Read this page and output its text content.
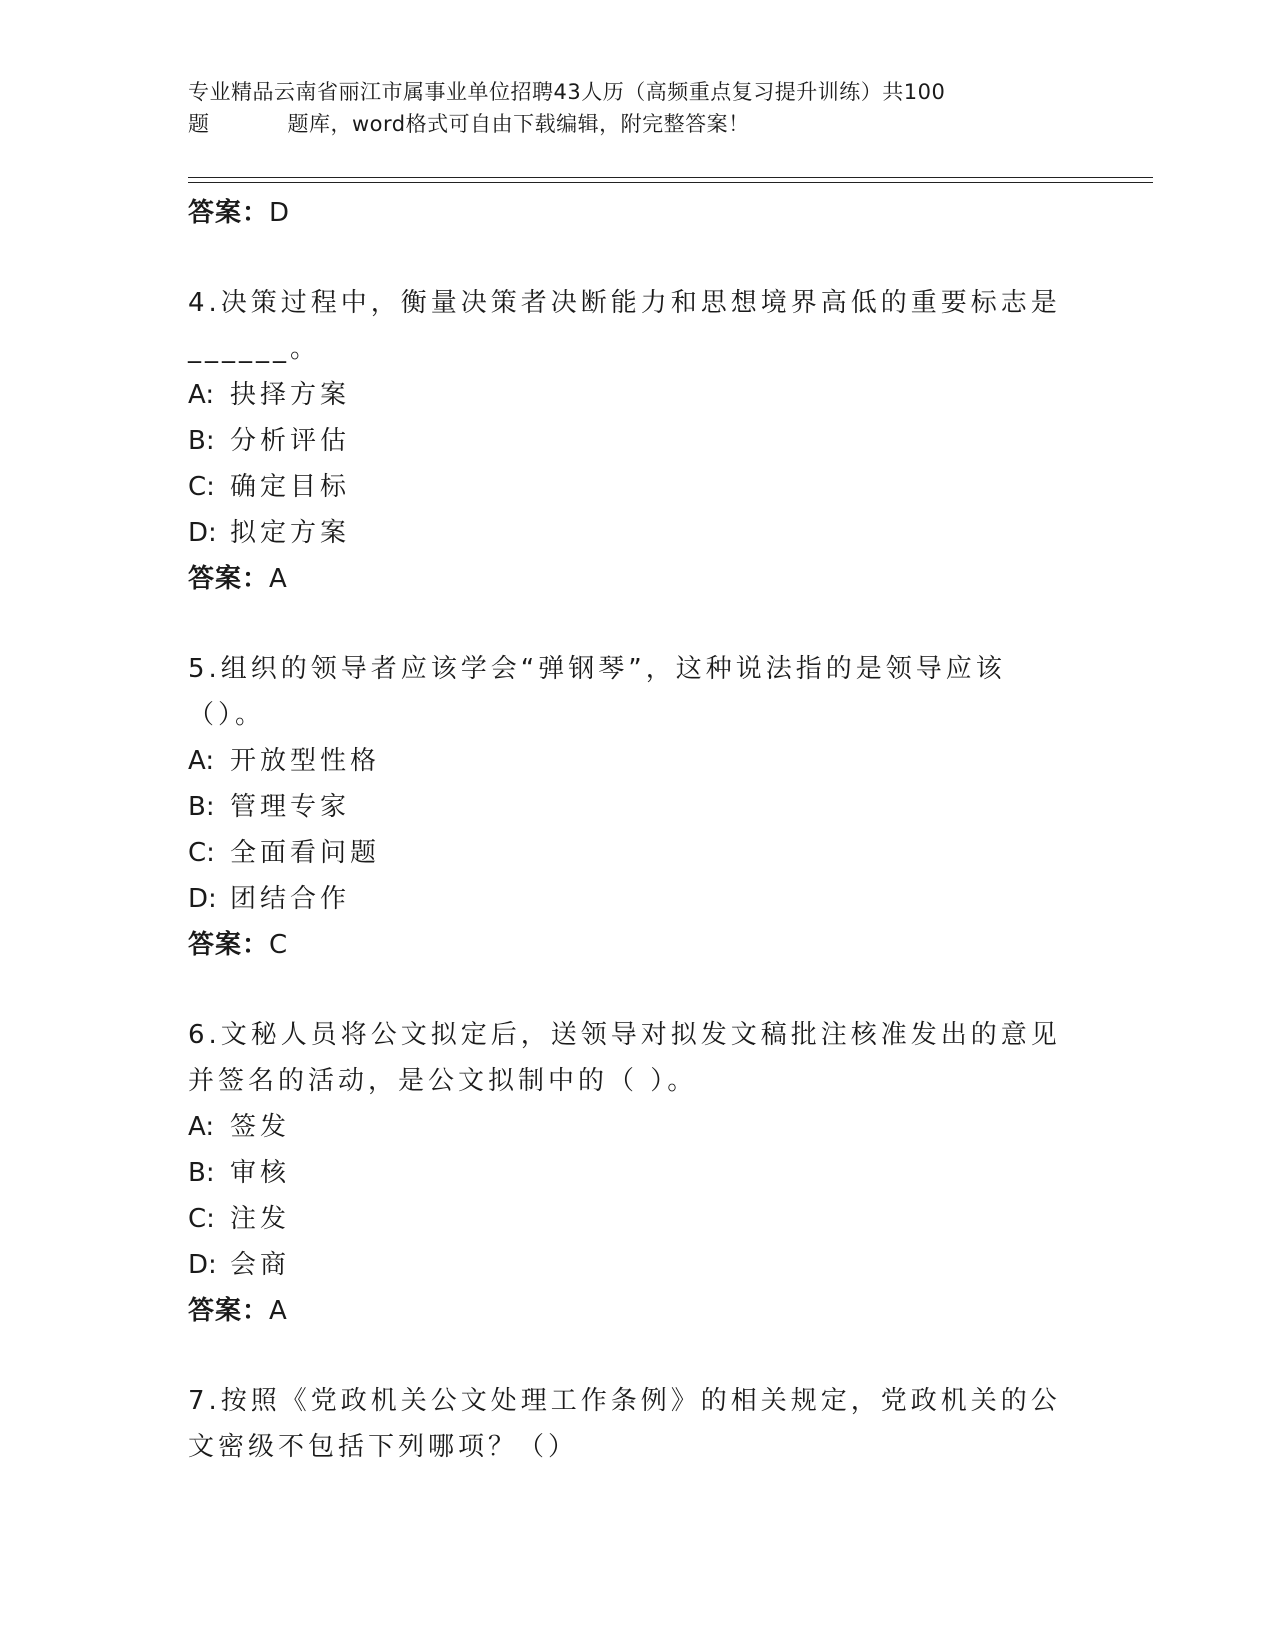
专业精品云南省丽江市属事业单位招聘43人历（高频重点复习提升训练）共100
题	题库，word格式可自由下载编辑，附完整答案！
答案：D
4.决策过程中，衡量决策者决断能力和思想境界高低的重要标志是______。
A: 抉择方案
B: 分析评估
C: 确定目标
D: 拟定方案
答案：A
5.组织的领导者应该学会“弹钢琴”，这种说法指的是领导应该（）。
A: 开放型性格
B: 管理专家
C: 全面看问题
D: 团结合作
答案：C
6.文秘人员将公文拟定后，送领导对拟发文稿批注核准发出的意见并签名的活动，是公文拟制中的（ ）。
A: 签发
B: 审核
C: 注发
D: 会商
答案：A
7.按照《党政机关公文处理工作条例》的相关规定，党政机关的公文密级不包括下列哪项？（）
